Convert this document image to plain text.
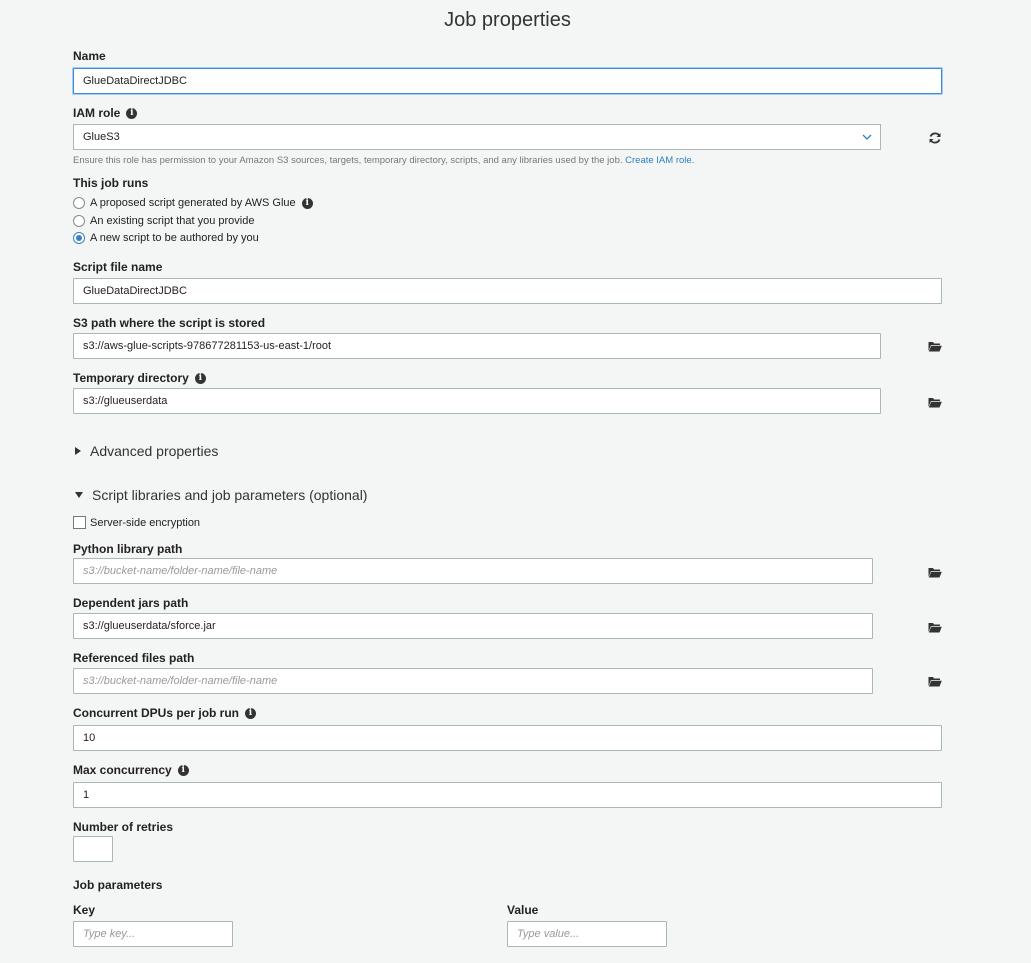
Job properties
Name
GlueDataDirectJDBC
IAM role	i
GlueS3
Ensure this role has permission to your Amazon S3 sources, targets, temporary directory, scripts, and any libraries used by the job. Create IAM role.
This job runs
A proposed script generated by AWS Glue	i
An existing script that you provide
A new script to be authored by you
Script file name
GlueDataDirectJDBC
S3 path where the script is stored
s3://aws-glue-scripts-978677281153-us-east-1/root
Temporary directory	i
s3://glueuserdata
Advanced properties
Script libraries and job parameters (optional)
Server-side encryption
Python library path
s3://bucket-name/folder-name/file-name
Dependent jars path
s3://glueuserdata/sforce.jar
Referenced files path
s3://bucket-name/folder-name/file-name
Concurrent DPUs per job run	i
10
Max concurrency	i
1
Number of retries
Job parameters
Key	Value
Type key...
Type value...
